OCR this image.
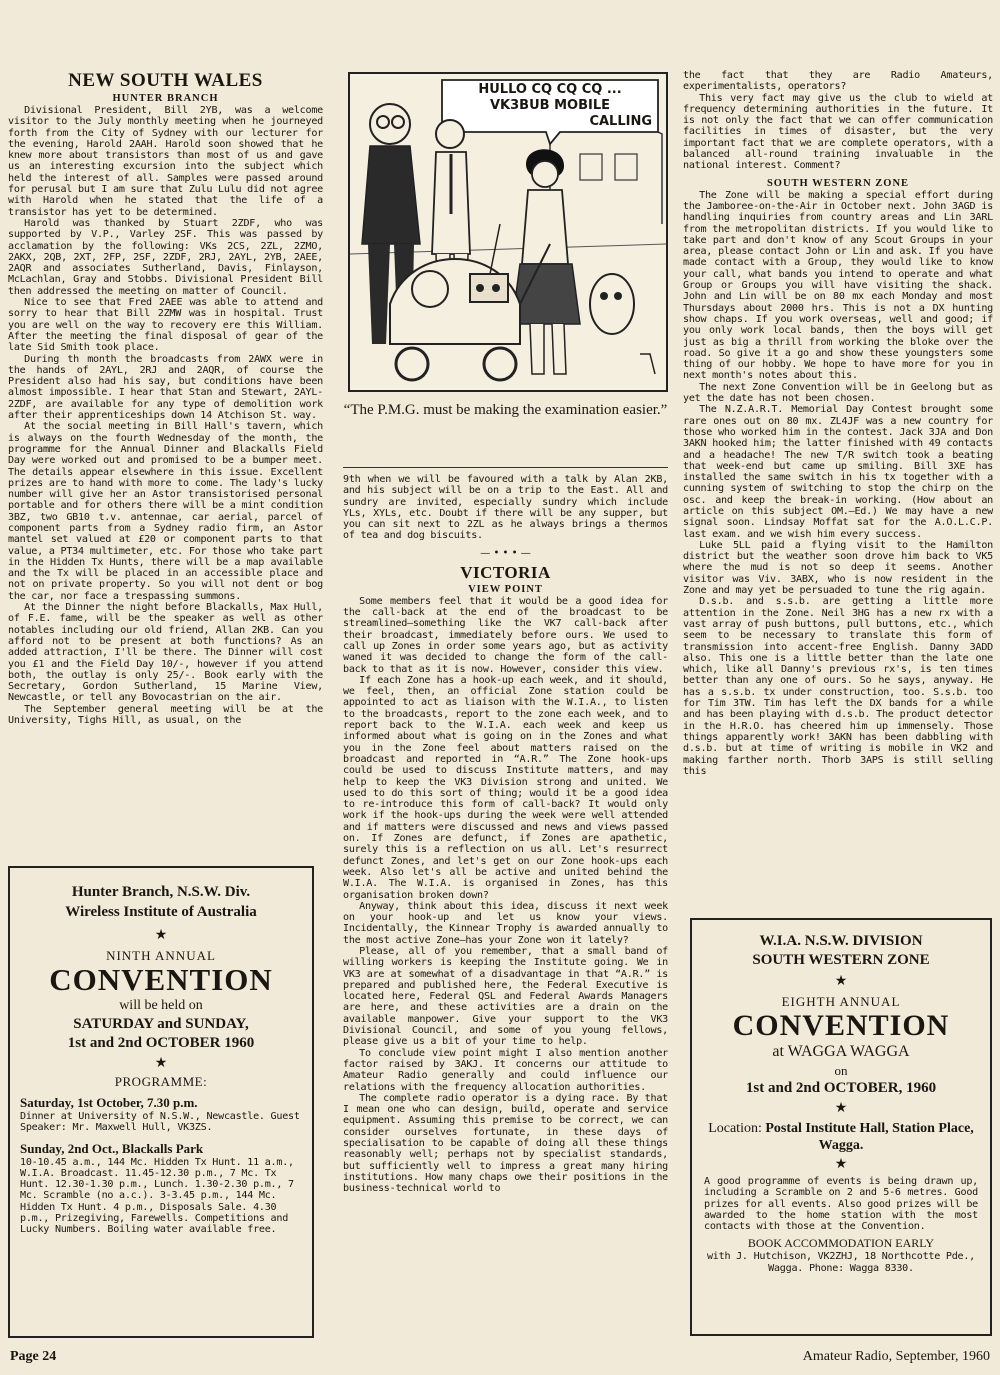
NEW SOUTH WALES
HUNTER BRANCH

Divisional President, Bill 2YB, was a welcome visitor to the July monthly meeting when he journeyed forth from the City of Sydney with our lecturer for the evening, Harold 2AAH. Harold soon showed that he knew more about transistors than most of us and gave us an interesting excursion into the subject which held the interest of all. Samples were passed around for perusal but I am sure that Zulu Lulu did not agree with Harold when he stated that the life of a transistor has yet to be determined.

Harold was thanked by Stuart 2ZDF, who was supported by V.P., Varley 2SF. This was passed by acclamation by the following: VKs 2CS, 2ZL, 2ZMO, 2AKX, 2QB, 2XT, 2FP, 2SF, 2ZDF, 2RJ, 2AYL, 2YB, 2AEE, 2AQR and associates Sutherland, Davis, Finlayson, McLachlan, Gray and Stobbs. Divisional President Bill then addressed the meeting on matter of Council.

Nice to see that Fred 2AEE was able to attend and sorry to hear that Bill 2ZMW was in hospital. Trust you are well on the way to recovery ere this William. After the meeting the final disposal of gear of the late Sid Smith took place.

During th month the broadcasts from 2AWX were in the hands of 2AYL, 2RJ and 2AQR, of course the President also had his say, but conditions have been almost impossible. I hear that Stan and Stewart, 2AYL-2ZDF, are available for any type of demolition work after their apprenticeships down 14 Atchison St. way.

At the social meeting in Bill Hall's tavern, which is always on the fourth Wednesday of the month, the programme for the Annual Dinner and Blackalls Field Day were worked out and promised to be a bumper meet. The details appear elsewhere in this issue. Excellent prizes are to hand with more to come. The lady's lucky number will give her an Astor transistorised personal portable and for others there will be a mint condition 3BZ, two GB10 t.v. antennae, car aerial, parcel of component parts from a Sydney radio firm, an Astor mantel set valued at £20 or component parts to that value, a PT34 multimeter, etc. For those who take part in the Hidden Tx Hunts, there will be a map available and the Tx will be placed in an accessible place and not on private property. So you will not dent or bog the car, nor face a trespassing summons.

At the Dinner the night before Blackalls, Max Hull, of F.E. fame, will be the speaker as well as other notables including our old friend, Allan 2KB. Can you afford not to be present at both functions? As an added attraction, I'll be there. The Dinner will cost you £1 and the Field Day 10/-, however if you attend both, the outlay is only 25/-. Book early with the Secretary, Gordon Sutherland, 15 Marine View, Newcastle, or tell any Bovocastrian on the air.

The September general meeting will be at the University, Tighs Hill, as usual, on the

Hunter Branch, N.S.W. Div.
Wireless Institute of Australia
★
NINTH ANNUAL
CONVENTION
will be held on
SATURDAY and SUNDAY,
1st and 2nd OCTOBER 1960
★
PROGRAMME:
Saturday, 1st October, 7.30 p.m.
Dinner at University of N.S.W., Newcastle. Guest Speaker: Mr. Maxwell Hull, VK3ZS.
Sunday, 2nd Oct., Blackalls Park
10-10.45 a.m., 144 Mc. Hidden Tx Hunt. 11 a.m., W.I.A. Broadcast. 11.45-12.30 p.m., 7 Mc. Tx Hunt. 12.30-1.30 p.m., Lunch. 1.30-2.30 p.m., 7 Mc. Scramble (no a.c.). 3-3.45 p.m., 144 Mc. Hidden Tx Hunt. 4 p.m., Disposals Sale. 4.30 p.m., Prizegiving, Farewells. Competitions and Lucky Numbers. Boiling water available free.
HULLO CQ CQ CQ ...
VK3BUB MOBILE
CALLING
“The P.M.G. must be making the examination easier.”

9th when we will be favoured with a talk by Alan 2KB, and his subject will be on a trip to the East. All and sundry are invited, especially sundry which include YLs, XYLs, etc. Doubt if there will be any supper, but you can sit next to 2ZL as he always brings a thermos of tea and dog biscuits.

— • • • —
VICTORIA
VIEW POINT

Some members feel that it would be a good idea for the call-back at the end of the broadcast to be streamlined—something like the VK7 call-back after their broadcast, immediately before ours. We used to call up Zones in order some years ago, but as activity waned it was decided to change the form of the call-back to that as it is now. However, consider this view.

If each Zone has a hook-up each week, and it should, we feel, then, an official Zone station could be appointed to act as liaison with the W.I.A., to listen to the broadcasts, report to the zone each week, and to report back to the W.I.A. each week and keep us informed about what is going on in the Zones and what you in the Zone feel about matters raised on the broadcast and reported in “A.R.” The Zone hook-ups could be used to discuss Institute matters, and may help to keep the VK3 Division strong and united. We used to do this sort of thing; would it be a good idea to re-introduce this form of call-back? It would only work if the hook-ups during the week were well attended and if matters were discussed and news and views passed on. If Zones are defunct, if Zones are apathetic, surely this is a reflection on us all. Let's resurrect defunct Zones, and let's get on our Zone hook-ups each week. Also let's all be active and united behind the W.I.A. The W.I.A. is organised in Zones, has this organisation broken down?

Anyway, think about this idea, discuss it next week on your hook-up and let us know your views. Incidentally, the Kinnear Trophy is awarded annually to the most active Zone—has your Zone won it lately?

Please, all of you remember, that a small band of willing workers is keeping the Institute going. We in VK3 are at somewhat of a disadvantage in that “A.R.” is prepared and published here, the Federal Executive is located here, Federal QSL and Federal Awards Managers are here, and these activities are a drain on the available manpower. Give your support to the VK3 Divisional Council, and some of you young fellows, please give us a bit of your time to help.

To conclude view point might I also mention another factor raised by 3AKJ. It concerns our attitude to Amateur Radio generally and could influence our relations with the frequency allocation authorities.

The complete radio operator is a dying race. By that I mean one who can design, build, operate and service equipment. Assuming this premise to be correct, we can consider ourselves fortunate, in these days of specialisation to be capable of doing all these things reasonably well; perhaps not by specialist standards, but sufficiently well to impress a great many hiring institutions. How many chaps owe their positions in the business-technical world to

the fact that they are Radio Amateurs, experimentalists, operators?

This very fact may give us the club to wield at frequency determining authorities in the future. It is not only the fact that we can offer communication facilities in times of disaster, but the very important fact that we are complete operators, with a balanced all-round training invaluable in the national interest. Comment?

SOUTH WESTERN ZONE

The Zone will be making a special effort during the Jamboree-on-the-Air in October next. John 3AGD is handling inquiries from country areas and Lin 3ARL from the metropolitan districts. If you would like to take part and don't know of any Scout Groups in your area, please contact John or Lin and ask. If you have made contact with a Group, they would like to know your call, what bands you intend to operate and what Group or Groups you will have visiting the shack. John and Lin will be on 80 mx each Monday and most Thursdays about 2000 hrs. This is not a DX hunting show chaps. If you work overseas, well and good; if you only work local bands, then the boys will get just as big a thrill from working the bloke over the road. So give it a go and show these youngsters some thing of our hobby. We hope to have more for you in next month's notes about this.

The next Zone Convention will be in Geelong but as yet the date has not been chosen.

The N.Z.A.R.T. Memorial Day Contest brought some rare ones out on 80 mx. ZL4JF was a new country for those who worked him in the contest. Jack 3JA and Don 3AKN hooked him; the latter finished with 49 contacts and a headache! The new T/R switch took a beating that week-end but came up smiling. Bill 3XE has installed the same switch in his tx together with a cunning system of switching to stop the chirp on the osc. and keep the break-in working. (How about an article on this subject OM.—Ed.) We may have a new signal soon. Lindsay Moffat sat for the A.O.L.C.P. last exam. and we wish him every success.

Luke 5LL paid a flying visit to the Hamilton district but the weather soon drove him back to VK5 where the mud is not so deep it seems. Another visitor was Viv. 3ABX, who is now resident in the Zone and may yet be persuaded to tune the rig again.

D.s.b. and s.s.b. are getting a little more attention in the Zone. Neil 3HG has a new rx with a vast array of push buttons, pull buttons, etc., which seem to be necessary to translate this form of transmission into accent-free English. Danny 3ADD also. This one is a little better than the late one which, like all Danny's previous rx's, is ten times better than any one of ours. So he says, anyway. He has a s.s.b. tx under construction, too. S.s.b. too for Tim 3TW. Tim has left the DX bands for a while and has been playing with d.s.b. The product detector in the H.R.O. has cheered him up immensely. Those things apparently work! 3AKN has been dabbling with d.s.b. but at time of writing is mobile in VK2 and making farther north. Thorb 3APS is still selling this

W.I.A. N.S.W. DIVISION
SOUTH WESTERN ZONE
★
EIGHTH ANNUAL
CONVENTION
at WAGGA WAGGA
on
1st and 2nd OCTOBER, 1960
★
Location: Postal Institute Hall, Station Place, Wagga.
★
A good programme of events is being drawn up, including a Scramble on 2 and 5-6 metres. Good prizes for all events. Also good prizes will be awarded to the home station with the most contacts with those at the Convention.
BOOK ACCOMMODATION EARLY
with J. Hutchison, VK2ZHJ, 18 Northcotte Pde., Wagga. Phone: Wagga 8330.
Page 24	Amateur Radio, September, 1960
